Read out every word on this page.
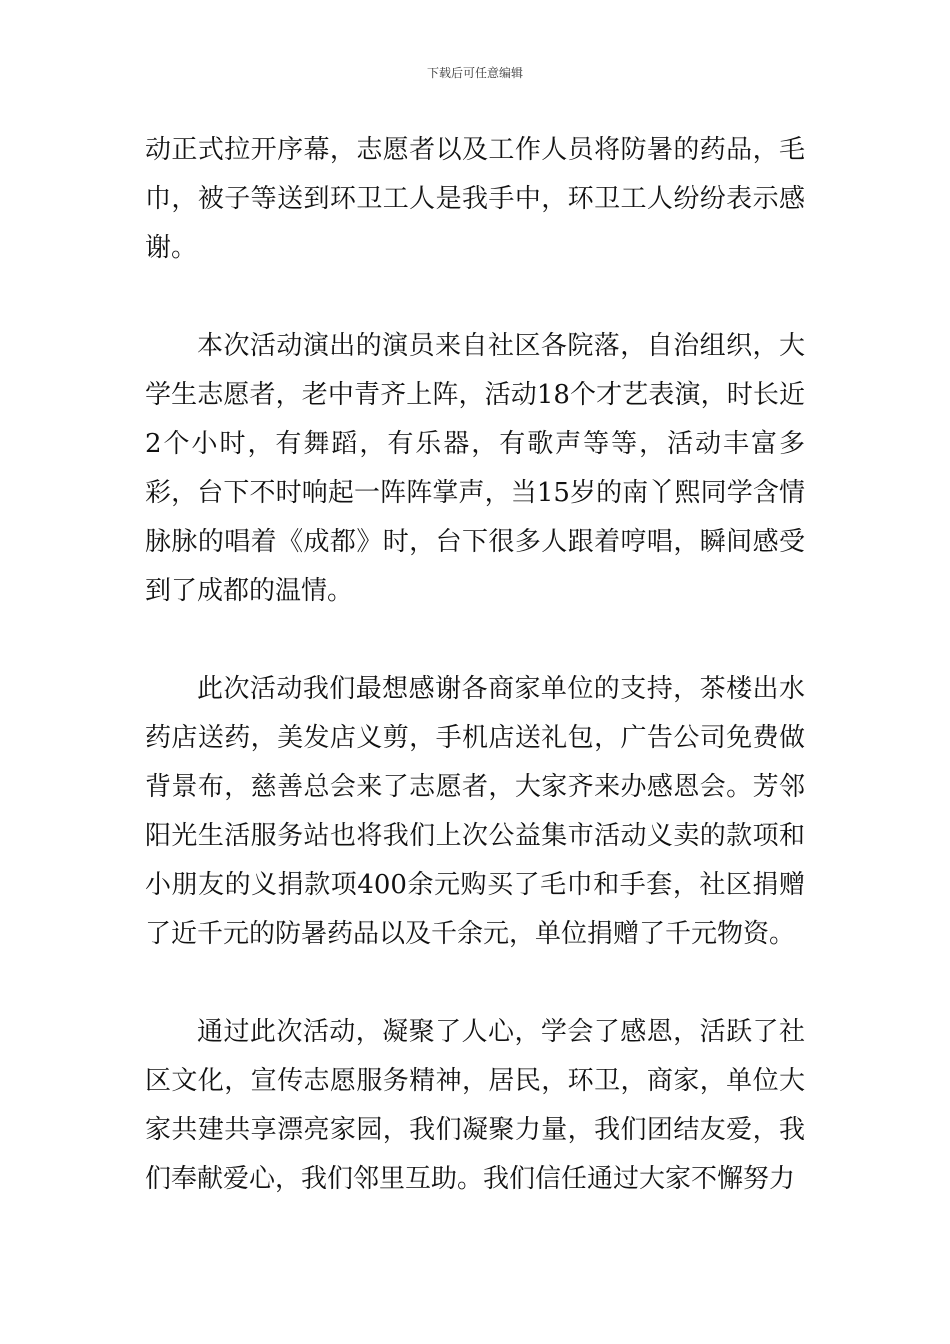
下载后可任意编辑

动正式拉开序幕，志愿者以及工作人员将防暑的药品，毛巾，被子等送到环卫工人是我手中，环卫工人纷纷表示感谢。

本次活动演出的演员来自社区各院落，自治组织，大学生志愿者，老中青齐上阵，活动18个才艺表演，时长近2个小时，有舞蹈，有乐器，有歌声等等，活动丰富多彩，台下不时响起一阵阵掌声，当15岁的南丫熙同学含情脉脉的唱着《成都》时，台下很多人跟着哼唱，瞬间感受到了成都的温情。

此次活动我们最想感谢各商家单位的支持，茶楼出水药店送药，美发店义剪，手机店送礼包，广告公司免费做背景布，慈善总会来了志愿者，大家齐来办感恩会。芳邻阳光生活服务站也将我们上次公益集市活动义卖的款项和小朋友的义捐款项400余元购买了毛巾和手套，社区捐赠了近千元的防暑药品以及千余元，单位捐赠了千元物资。

通过此次活动，凝聚了人心，学会了感恩，活跃了社区文化，宣传志愿服务精神，居民，环卫，商家，单位大家共建共享漂亮家园，我们凝聚力量，我们团结友爱，我们奉献爱心，我们邻里互助。我们信任通过大家不懈努力
